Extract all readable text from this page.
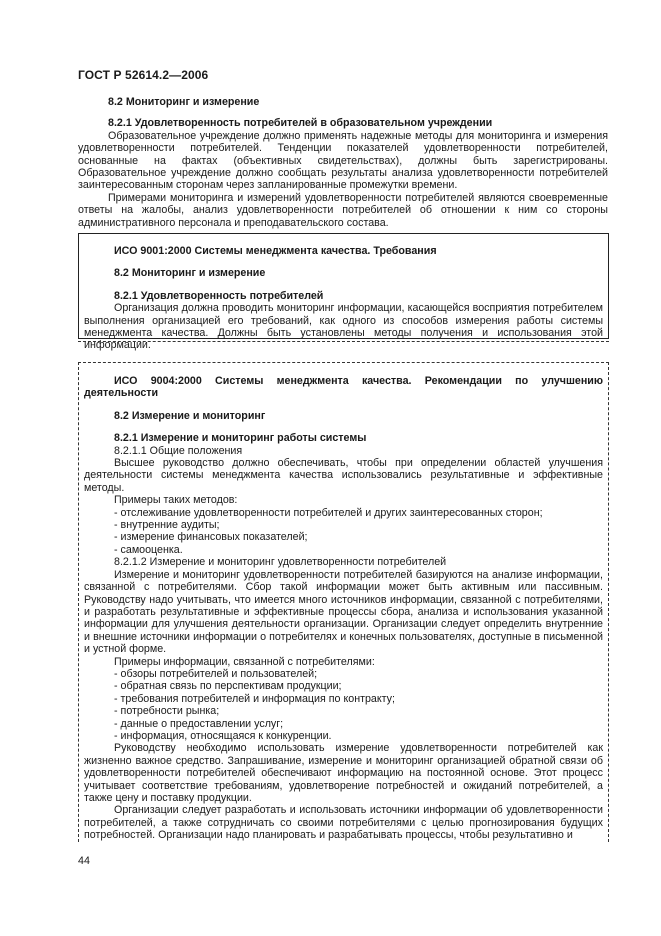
ГОСТ Р 52614.2—2006
8.2 Мониторинг и измерение
8.2.1 Удовлетворенность потребителей в образовательном учреждении
Образовательное учреждение должно применять надежные методы для мониторинга и измерения удовлетворенности потребителей. Тенденции показателей удовлетворенности потребителей, основанные на фактах (объективных свидетельствах), должны быть зарегистрированы. Образовательное учреждение должно сообщать результаты анализа удовлетворенности потребителей заинтересованным сторонам через запланированные промежутки времени.
Примерами мониторинга и измерений удовлетворенности потребителей являются своевременные ответы на жалобы, анализ удовлетворенности потребителей об отношении к ним со стороны административного персонала и преподавательского состава.
ИСО 9001:2000 Системы менеджмента качества. Требования
8.2 Мониторинг и измерение
8.2.1 Удовлетворенность потребителей
Организация должна проводить мониторинг информации, касающейся восприятия потребителем выполнения организацией его требований, как одного из способов измерения работы системы менеджмента качества. Должны быть установлены методы получения и использования этой информации.
ИСО 9004:2000 Системы менеджмента качества. Рекомендации по улучшению деятельности
8.2 Измерение и мониторинг
8.2.1 Измерение и мониторинг работы системы
8.2.1.1 Общие положения
Высшее руководство должно обеспечивать, чтобы при определении областей улучшения деятельности системы менеджмента качества использовались результативные и эффективные методы.
Примеры таких методов:
- отслеживание удовлетворенности потребителей и других заинтересованных сторон;
- внутренние аудиты;
- измерение финансовых показателей;
- самооценка.
8.2.1.2 Измерение и мониторинг удовлетворенности потребителей
Измерение и мониторинг удовлетворенности потребителей базируются на анализе информации, связанной с потребителями. Сбор такой информации может быть активным или пассивным. Руководству надо учитывать, что имеется много источников информации, связанной с потребителями, и разработать результативные и эффективные процессы сбора, анализа и использования указанной информации для улучшения деятельности организации. Организации следует определить внутренние и внешние источники информации о потребителях и конечных пользователях, доступные в письменной и устной форме.
Примеры информации, связанной с потребителями:
- обзоры потребителей и пользователей;
- обратная связь по перспективам продукции;
- требования потребителей и информация по контракту;
- потребности рынка;
- данные о предоставлении услуг;
- информация, относящаяся к конкуренции.
Руководству необходимо использовать измерение удовлетворенности потребителей как жизненно важное средство. Запрашивание, измерение и мониторинг организацией обратной связи об удовлетворенности потребителей обеспечивают информацию на постоянной основе. Этот процесс учитывает соответствие требованиям, удовлетворение потребностей и ожиданий потребителей, а также цену и поставку продукции.
Организации следует разработать и использовать источники информации об удовлетворенности потребителей, а также сотрудничать со своими потребителями с целью прогнозирования будущих потребностей. Организации надо планировать и разрабатывать процессы, чтобы результативно и
44
